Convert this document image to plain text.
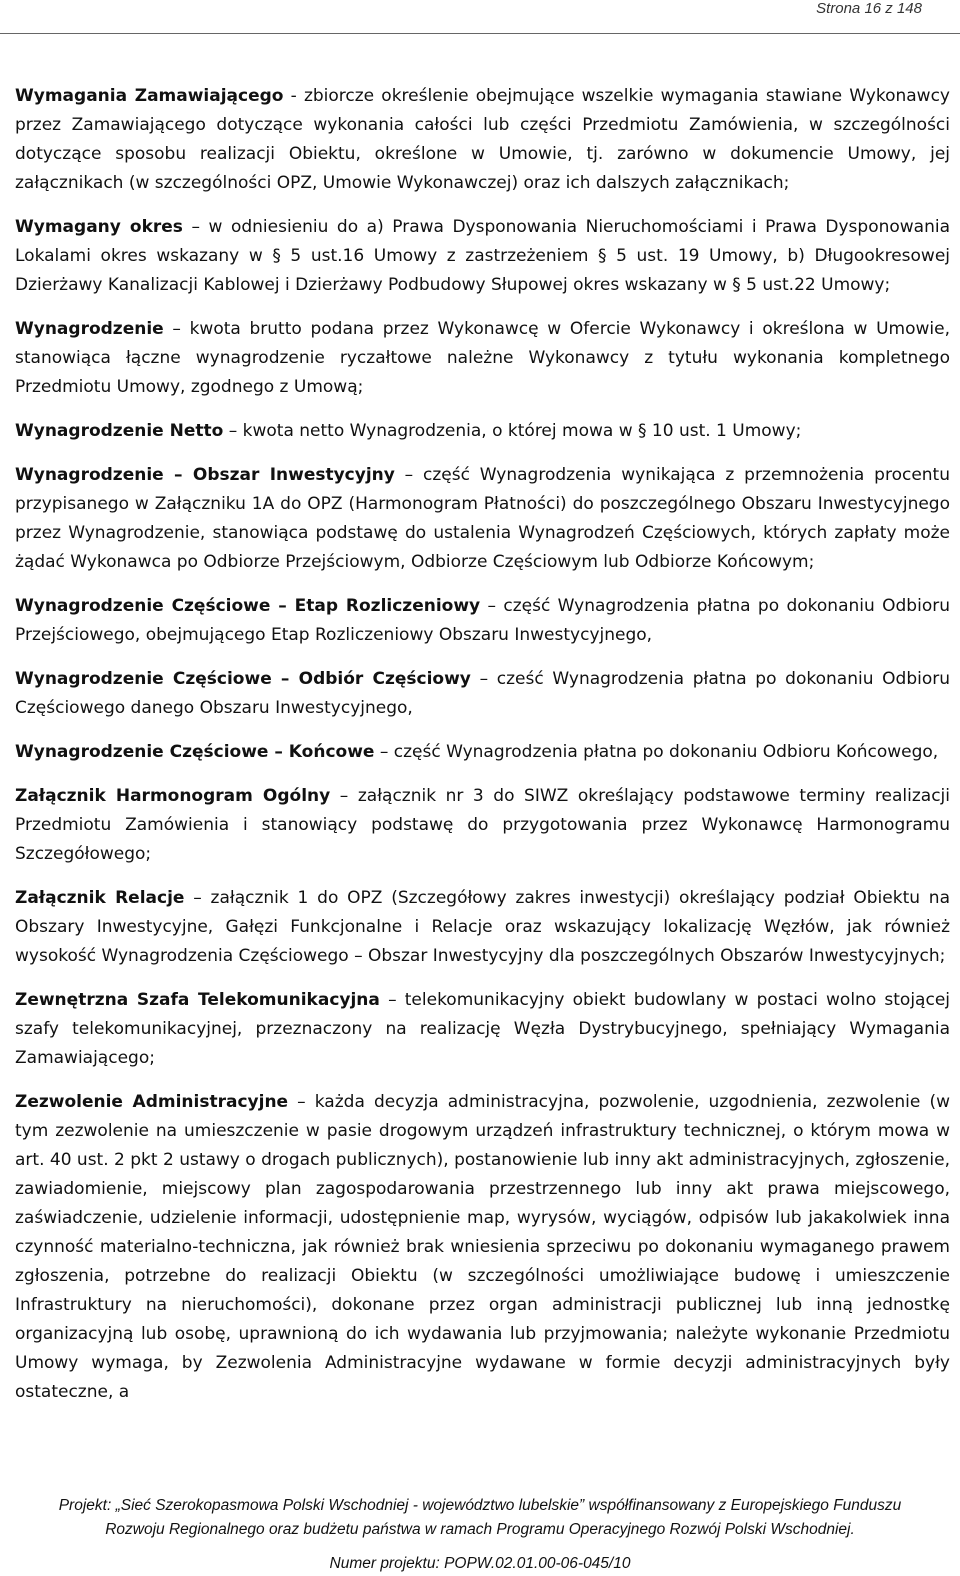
Strona 16 z 148

Wymagania Zamawiającego - zbiorcze określenie obejmujące wszelkie wymagania stawiane Wykonawcy przez Zamawiającego dotyczące wykonania całości lub części Przedmiotu Zamówienia, w szczególności dotyczące sposobu realizacji Obiektu, określone w Umowie, tj. zarówno w dokumencie Umowy, jej załącznikach (w szczególności OPZ, Umowie Wykonawczej) oraz ich dalszych załącznikach;

Wymagany okres – w odniesieniu do a) Prawa Dysponowania Nieruchomościami i Prawa Dysponowania Lokalami okres wskazany w § 5 ust.16 Umowy z zastrzeżeniem § 5 ust. 19 Umowy, b) Długookresowej Dzierżawy Kanalizacji Kablowej i Dzierżawy Podbudowy Słupowej okres wskazany w § 5 ust.22 Umowy;

Wynagrodzenie – kwota brutto podana przez Wykonawcę w Ofercie Wykonawcy i określona w Umowie, stanowiąca łączne wynagrodzenie ryczałtowe należne Wykonawcy z tytułu wykonania kompletnego Przedmiotu Umowy, zgodnego z Umową;

Wynagrodzenie Netto – kwota netto Wynagrodzenia, o której mowa w § 10 ust. 1 Umowy;

Wynagrodzenie – Obszar Inwestycyjny – część Wynagrodzenia wynikająca z przemnożenia procentu przypisanego w Załączniku 1A do OPZ (Harmonogram Płatności) do poszczególnego Obszaru Inwestycyjnego przez Wynagrodzenie, stanowiąca podstawę do ustalenia Wynagrodzeń Częściowych, których zapłaty może żądać Wykonawca po Odbiorze Przejściowym, Odbiorze Częściowym lub Odbiorze Końcowym;

Wynagrodzenie Częściowe – Etap Rozliczeniowy – część Wynagrodzenia płatna po dokonaniu Odbioru Przejściowego, obejmującego Etap Rozliczeniowy Obszaru Inwestycyjnego,

Wynagrodzenie Częściowe – Odbiór Częściowy – cześć Wynagrodzenia płatna po dokonaniu Odbioru Częściowego danego Obszaru Inwestycyjnego,

Wynagrodzenie Częściowe – Końcowe – część Wynagrodzenia płatna po dokonaniu Odbioru Końcowego,

Załącznik Harmonogram Ogólny – załącznik nr 3 do SIWZ określający podstawowe terminy realizacji Przedmiotu Zamówienia i stanowiący podstawę do przygotowania przez Wykonawcę Harmonogramu Szczegółowego;

Załącznik Relacje – załącznik 1 do OPZ (Szczegółowy zakres inwestycji) określający podział Obiektu na Obszary Inwestycyjne, Gałęzi Funkcjonalne i Relacje oraz wskazujący lokalizację Węzłów, jak również wysokość Wynagrodzenia Częściowego – Obszar Inwestycyjny dla poszczególnych Obszarów Inwestycyjnych;

Zewnętrzna Szafa Telekomunikacyjna – telekomunikacyjny obiekt budowlany w postaci wolno stojącej szafy telekomunikacyjnej, przeznaczony na realizację Węzła Dystrybucyjnego, spełniający Wymagania Zamawiającego;

Zezwolenie Administracyjne – każda decyzja administracyjna, pozwolenie, uzgodnienia, zezwolenie (w tym zezwolenie na umieszczenie w pasie drogowym urządzeń infrastruktury technicznej, o którym mowa w art. 40 ust. 2 pkt 2 ustawy o drogach publicznych), postanowienie lub inny akt administracyjnych, zgłoszenie, zawiadomienie, miejscowy plan zagospodarowania przestrzennego lub inny akt prawa miejscowego, zaświadczenie, udzielenie informacji, udostępnienie map, wyrysów, wyciągów, odpisów lub jakakolwiek inna czynność materialno-techniczna, jak również brak wniesienia sprzeciwu po dokonaniu wymaganego prawem zgłoszenia, potrzebne do realizacji Obiektu (w szczególności umożliwiające budowę i umieszczenie Infrastruktury na nieruchomości), dokonane przez organ administracji publicznej lub inną jednostkę organizacyjną lub osobę, uprawnioną do ich wydawania lub przyjmowania; należyte wykonanie Przedmiotu Umowy wymaga, by Zezwolenia Administracyjne wydawane w formie decyzji administracyjnych były ostateczne, a

Projekt: „Sieć Szerokopasmowa Polski Wschodniej - województwo lubelskie” współfinansowany z Europejskiego Funduszu
Rozwoju Regionalnego oraz budżetu państwa w ramach Programu Operacyjnego Rozwój Polski Wschodniej.
Numer projektu: POPW.02.01.00-06-045/10
